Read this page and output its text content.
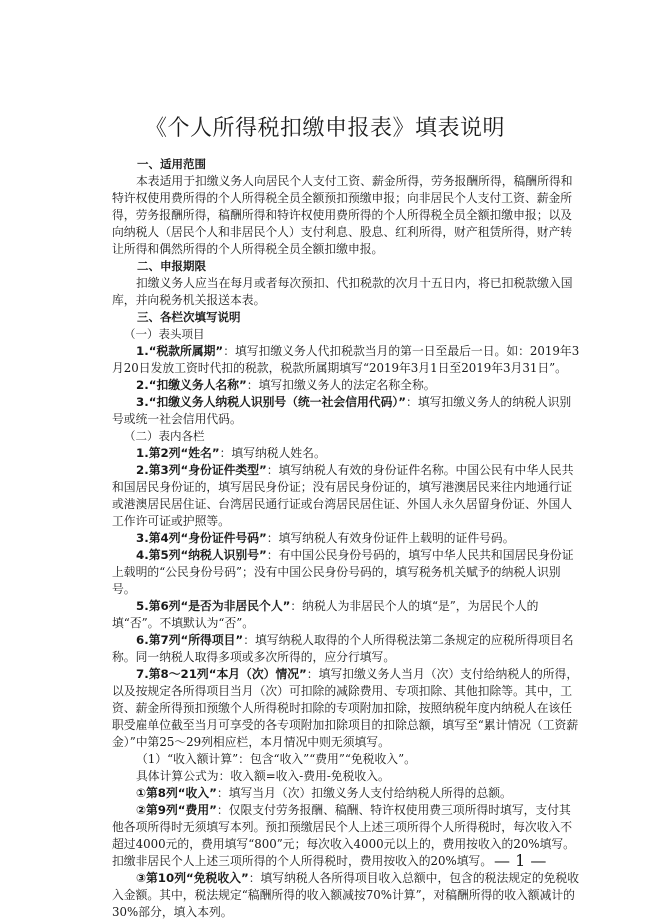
《个人所得税扣缴申报表》填表说明

一、适用范围

本表适用于扣缴义务人向居民个人支付工资、薪金所得，劳务报酬所得，稿酬所得和特许权使用费所得的个人所得税全员全额预扣预缴申报；向非居民个人支付工资、薪金所得，劳务报酬所得，稿酬所得和特许权使用费所得的个人所得税全员全额扣缴申报；以及向纳税人（居民个人和非居民个人）支付利息、股息、红利所得，财产租赁所得，财产转让所得和偶然所得的个人所得税全员全额扣缴申报。

二、申报期限

扣缴义务人应当在每月或者每次预扣、代扣税款的次月十五日内，将已扣税款缴入国库，并向税务机关报送本表。

三、各栏次填写说明

（一）表头项目

1.“税款所属期”：填写扣缴义务人代扣税款当月的第一日至最后一日。如：2019年3月20日发放工资时代扣的税款，税款所属期填写“2019年3月1日至2019年3月31日”。

2.“扣缴义务人名称”：填写扣缴义务人的法定名称全称。

3.“扣缴义务人纳税人识别号（统一社会信用代码）”：填写扣缴义务人的纳税人识别号或统一社会信用代码。

（二）表内各栏

1.第2列“姓名”：填写纳税人姓名。

2.第3列“身份证件类型”：填写纳税人有效的身份证件名称。中国公民有中华人民共和国居民身份证的，填写居民身份证；没有居民身份证的，填写港澳居民来往内地通行证或港澳居民居住证、台湾居民通行证或台湾居民居住证、外国人永久居留身份证、外国人工作许可证或护照等。

3.第4列“身份证件号码”：填写纳税人有效身份证件上载明的证件号码。

4.第5列“纳税人识别号”：有中国公民身份号码的，填写中华人民共和国居民身份证上载明的“公民身份号码”；没有中国公民身份号码的，填写税务机关赋予的纳税人识别号。

5.第6列“是否为非居民个人”：纳税人为非居民个人的填“是”，为居民个人的填“否”。不填默认为“否”。

6.第7列“所得项目”：填写纳税人取得的个人所得税法第二条规定的应税所得项目名称。同一纳税人取得多项或多次所得的，应分行填写。

7.第8～21列“本月（次）情况”：填写扣缴义务人当月（次）支付给纳税人的所得，以及按规定各所得项目当月（次）可扣除的减除费用、专项扣除、其他扣除等。其中，工资、薪金所得预扣预缴个人所得税时扣除的专项附加扣除，按照纳税年度内纳税人在该任职受雇单位截至当月可享受的各专项附加扣除项目的扣除总额，填写至“累计情况（工资薪金）”中第25～29列相应栏，本月情况中则无须填写。

（1）“收入额计算”：包含“收入”“费用”“免税收入”。

具体计算公式为：收入额=收入-费用-免税收入。

①第8列“收入”：填写当月（次）扣缴义务人支付给纳税人所得的总额。

②第9列“费用”：仅限支付劳务报酬、稿酬、特许权使用费三项所得时填写，支付其他各项所得时无须填写本列。预扣预缴居民个人上述三项所得个人所得税时，每次收入不超过4000元的，费用填写“800”元；每次收入4000元以上的，费用按收入的20%填写。扣缴非居民个人上述三项所得的个人所得税时，费用按收入的20%填写。

③第10列“免税收入”：填写纳税人各所得项目收入总额中，包含的税法规定的免税收入金额。其中，税法规定“稿酬所得的收入额减按70%计算”，对稿酬所得的收入额减计的30%部分，填入本列。

— 1 —
